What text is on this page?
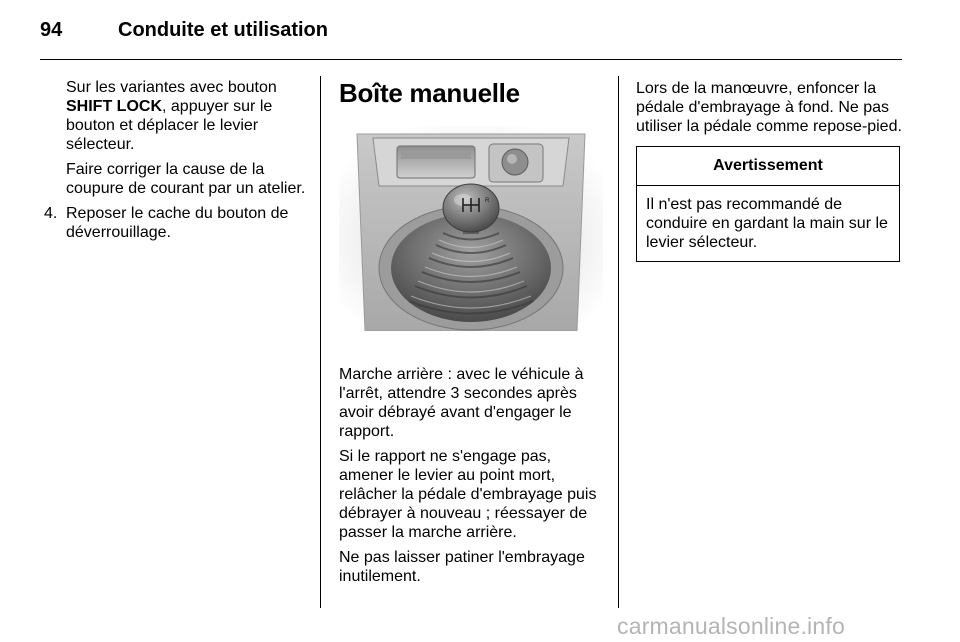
94	Conduite et utilisation

Sur les variantes avec bouton SHIFT LOCK, appuyer sur le bouton et déplacer le levier sélecteur.

Faire corriger la cause de la coupure de courant par un atelier.

4. Reposer le cache du bouton de déverrouillage.
Boîte manuelle
R

Marche arrière : avec le véhicule à l'arrêt, attendre 3 secondes après avoir débrayé avant d'engager le rapport.

Si le rapport ne s'engage pas, amener le levier au point mort, relâcher la pédale d'embrayage puis débrayer à nouveau ; réessayer de passer la marche arrière.

Ne pas laisser patiner l'embrayage inutilement.

Lors de la manœuvre, enfoncer la pédale d'embrayage à fond. Ne pas utiliser la pédale comme repose-pied.

Avertissement
Il n'est pas recommandé de conduire en gardant la main sur le levier sélecteur.
carmanualsonline.info
